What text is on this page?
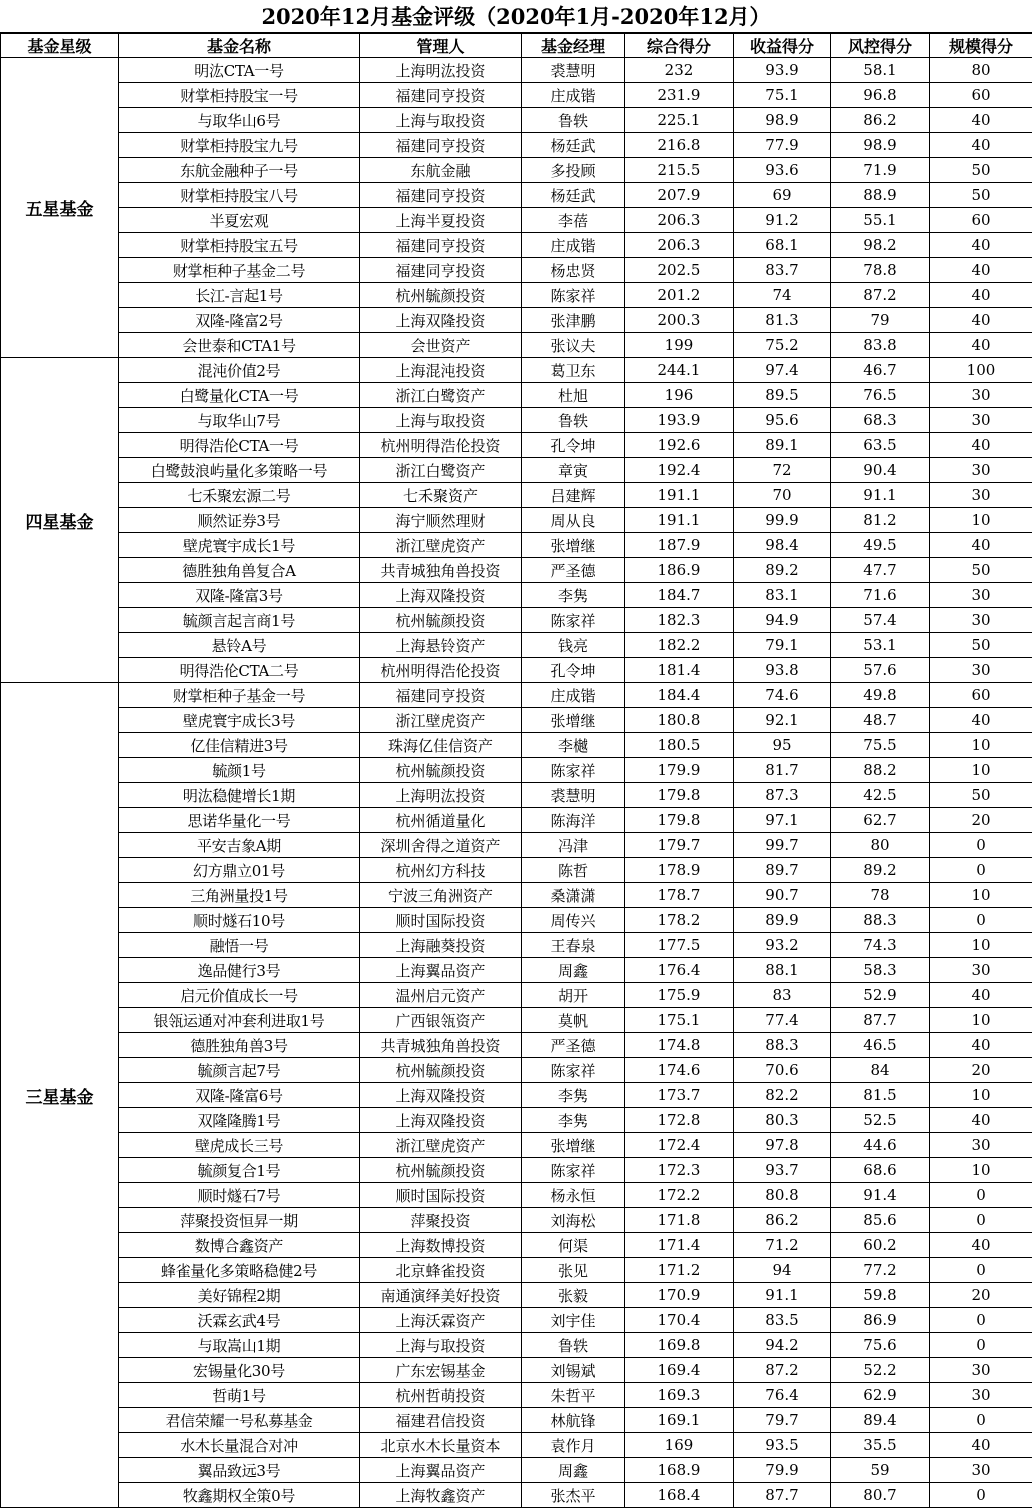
2020年12月基金评级（2020年1月-2020年12月）
基金星级	基金名称	管理人	基金经理	综合得分	收益得分	风控得分	规模得分
五星基金	明汯CTA一号	上海明汯投资	裘慧明	232	93.9	58.1	80
	财掌柜持股宝一号	福建同亨投资	庄成锴	231.9	75.1	96.8	60
	与取华山6号	上海与取投资	鲁轶	225.1	98.9	86.2	40
	财掌柜持股宝九号	福建同亨投资	杨廷武	216.8	77.9	98.9	40
	东航金融种子一号	东航金融	多投顾	215.5	93.6	71.9	50
	财掌柜持股宝八号	福建同亨投资	杨廷武	207.9	69	88.9	50
	半夏宏观	上海半夏投资	李蓓	206.3	91.2	55.1	60
	财掌柜持股宝五号	福建同亨投资	庄成锴	206.3	68.1	98.2	40
	财掌柜种子基金二号	福建同亨投资	杨忠贤	202.5	83.7	78.8	40
	长江-言起1号	杭州毓颜投资	陈家祥	201.2	74	87.2	40
	双隆-隆富2号	上海双隆投资	张津鹏	200.3	81.3	79	40
	会世泰和CTA1号	会世资产	张议夫	199	75.2	83.8	40
四星基金	混沌价值2号	上海混沌投资	葛卫东	244.1	97.4	46.7	100
	白鹭量化CTA一号	浙江白鹭资产	杜旭	196	89.5	76.5	30
	与取华山7号	上海与取投资	鲁轶	193.9	95.6	68.3	30
	明得浩伦CTA一号	杭州明得浩伦投资	孔令坤	192.6	89.1	63.5	40
	白鹭鼓浪屿量化多策略一号	浙江白鹭资产	章寅	192.4	72	90.4	30
	七禾聚宏源二号	七禾聚资产	吕建辉	191.1	70	91.1	30
	顺然证券3号	海宁顺然理财	周从良	191.1	99.9	81.2	10
	壁虎寰宇成长1号	浙江壁虎资产	张增继	187.9	98.4	49.5	40
	德胜独角兽复合A	共青城独角兽投资	严圣德	186.9	89.2	47.7	50
	双隆-隆富3号	上海双隆投资	李隽	184.7	83.1	71.6	30
	毓颜言起言商1号	杭州毓颜投资	陈家祥	182.3	94.9	57.4	30
	悬铃A号	上海悬铃资产	钱亮	182.2	79.1	53.1	50
	明得浩伦CTA二号	杭州明得浩伦投资	孔令坤	181.4	93.8	57.6	30
三星基金	财掌柜种子基金一号	福建同亨投资	庄成锴	184.4	74.6	49.8	60
	壁虎寰宇成长3号	浙江壁虎资产	张增继	180.8	92.1	48.7	40
	亿佳信精进3号	珠海亿佳信资产	李樾	180.5	95	75.5	10
	毓颜1号	杭州毓颜投资	陈家祥	179.9	81.7	88.2	10
	明汯稳健增长1期	上海明汯投资	裘慧明	179.8	87.3	42.5	50
	思诺华量化一号	杭州循道量化	陈海洋	179.8	97.1	62.7	20
	平安吉象A期	深圳舍得之道资产	冯津	179.7	99.7	80	0
	幻方鼎立01号	杭州幻方科技	陈哲	178.9	89.7	89.2	0
	三角洲量投1号	宁波三角洲资产	桑潇潇	178.7	90.7	78	10
	顺时燧石10号	顺时国际投资	周传兴	178.2	89.9	88.3	0
	融悟一号	上海融葵投资	王春泉	177.5	93.2	74.3	10
	逸品健行3号	上海翼品资产	周鑫	176.4	88.1	58.3	30
	启元价值成长一号	温州启元资产	胡开	175.9	83	52.9	40
	银瓴运通对冲套利进取1号	广西银瓴资产	莫帆	175.1	77.4	87.7	10
	德胜独角兽3号	共青城独角兽投资	严圣德	174.8	88.3	46.5	40
	毓颜言起7号	杭州毓颜投资	陈家祥	174.6	70.6	84	20
	双隆-隆富6号	上海双隆投资	李隽	173.7	82.2	81.5	10
	双隆隆腾1号	上海双隆投资	李隽	172.8	80.3	52.5	40
	壁虎成长三号	浙江壁虎资产	张增继	172.4	97.8	44.6	30
	毓颜复合1号	杭州毓颜投资	陈家祥	172.3	93.7	68.6	10
	顺时燧石7号	顺时国际投资	杨永恒	172.2	80.8	91.4	0
	萍聚投资恒昇一期	萍聚投资	刘海松	171.8	86.2	85.6	0
	数博合鑫资产	上海数博投资	何渠	171.4	71.2	60.2	40
	蜂雀量化多策略稳健2号	北京蜂雀投资	张见	171.2	94	77.2	0
	美好锦程2期	南通演绎美好投资	张毅	170.9	91.1	59.8	20
	沃霖玄武4号	上海沃霖资产	刘宇佳	170.4	83.5	86.9	0
	与取嵩山1期	上海与取投资	鲁轶	169.8	94.2	75.6	0
	宏锡量化30号	广东宏锡基金	刘锡斌	169.4	87.2	52.2	30
	哲萌1号	杭州哲萌投资	朱哲平	169.3	76.4	62.9	30
	君信荣耀一号私募基金	福建君信投资	林航锋	169.1	79.7	89.4	0
	水木长量混合对冲	北京水木长量资本	袁作月	169	93.5	35.5	40
	翼品致远3号	上海翼品资产	周鑫	168.9	79.9	59	30
	牧鑫期权全策0号	上海牧鑫资产	张杰平	168.4	87.7	80.7	0
